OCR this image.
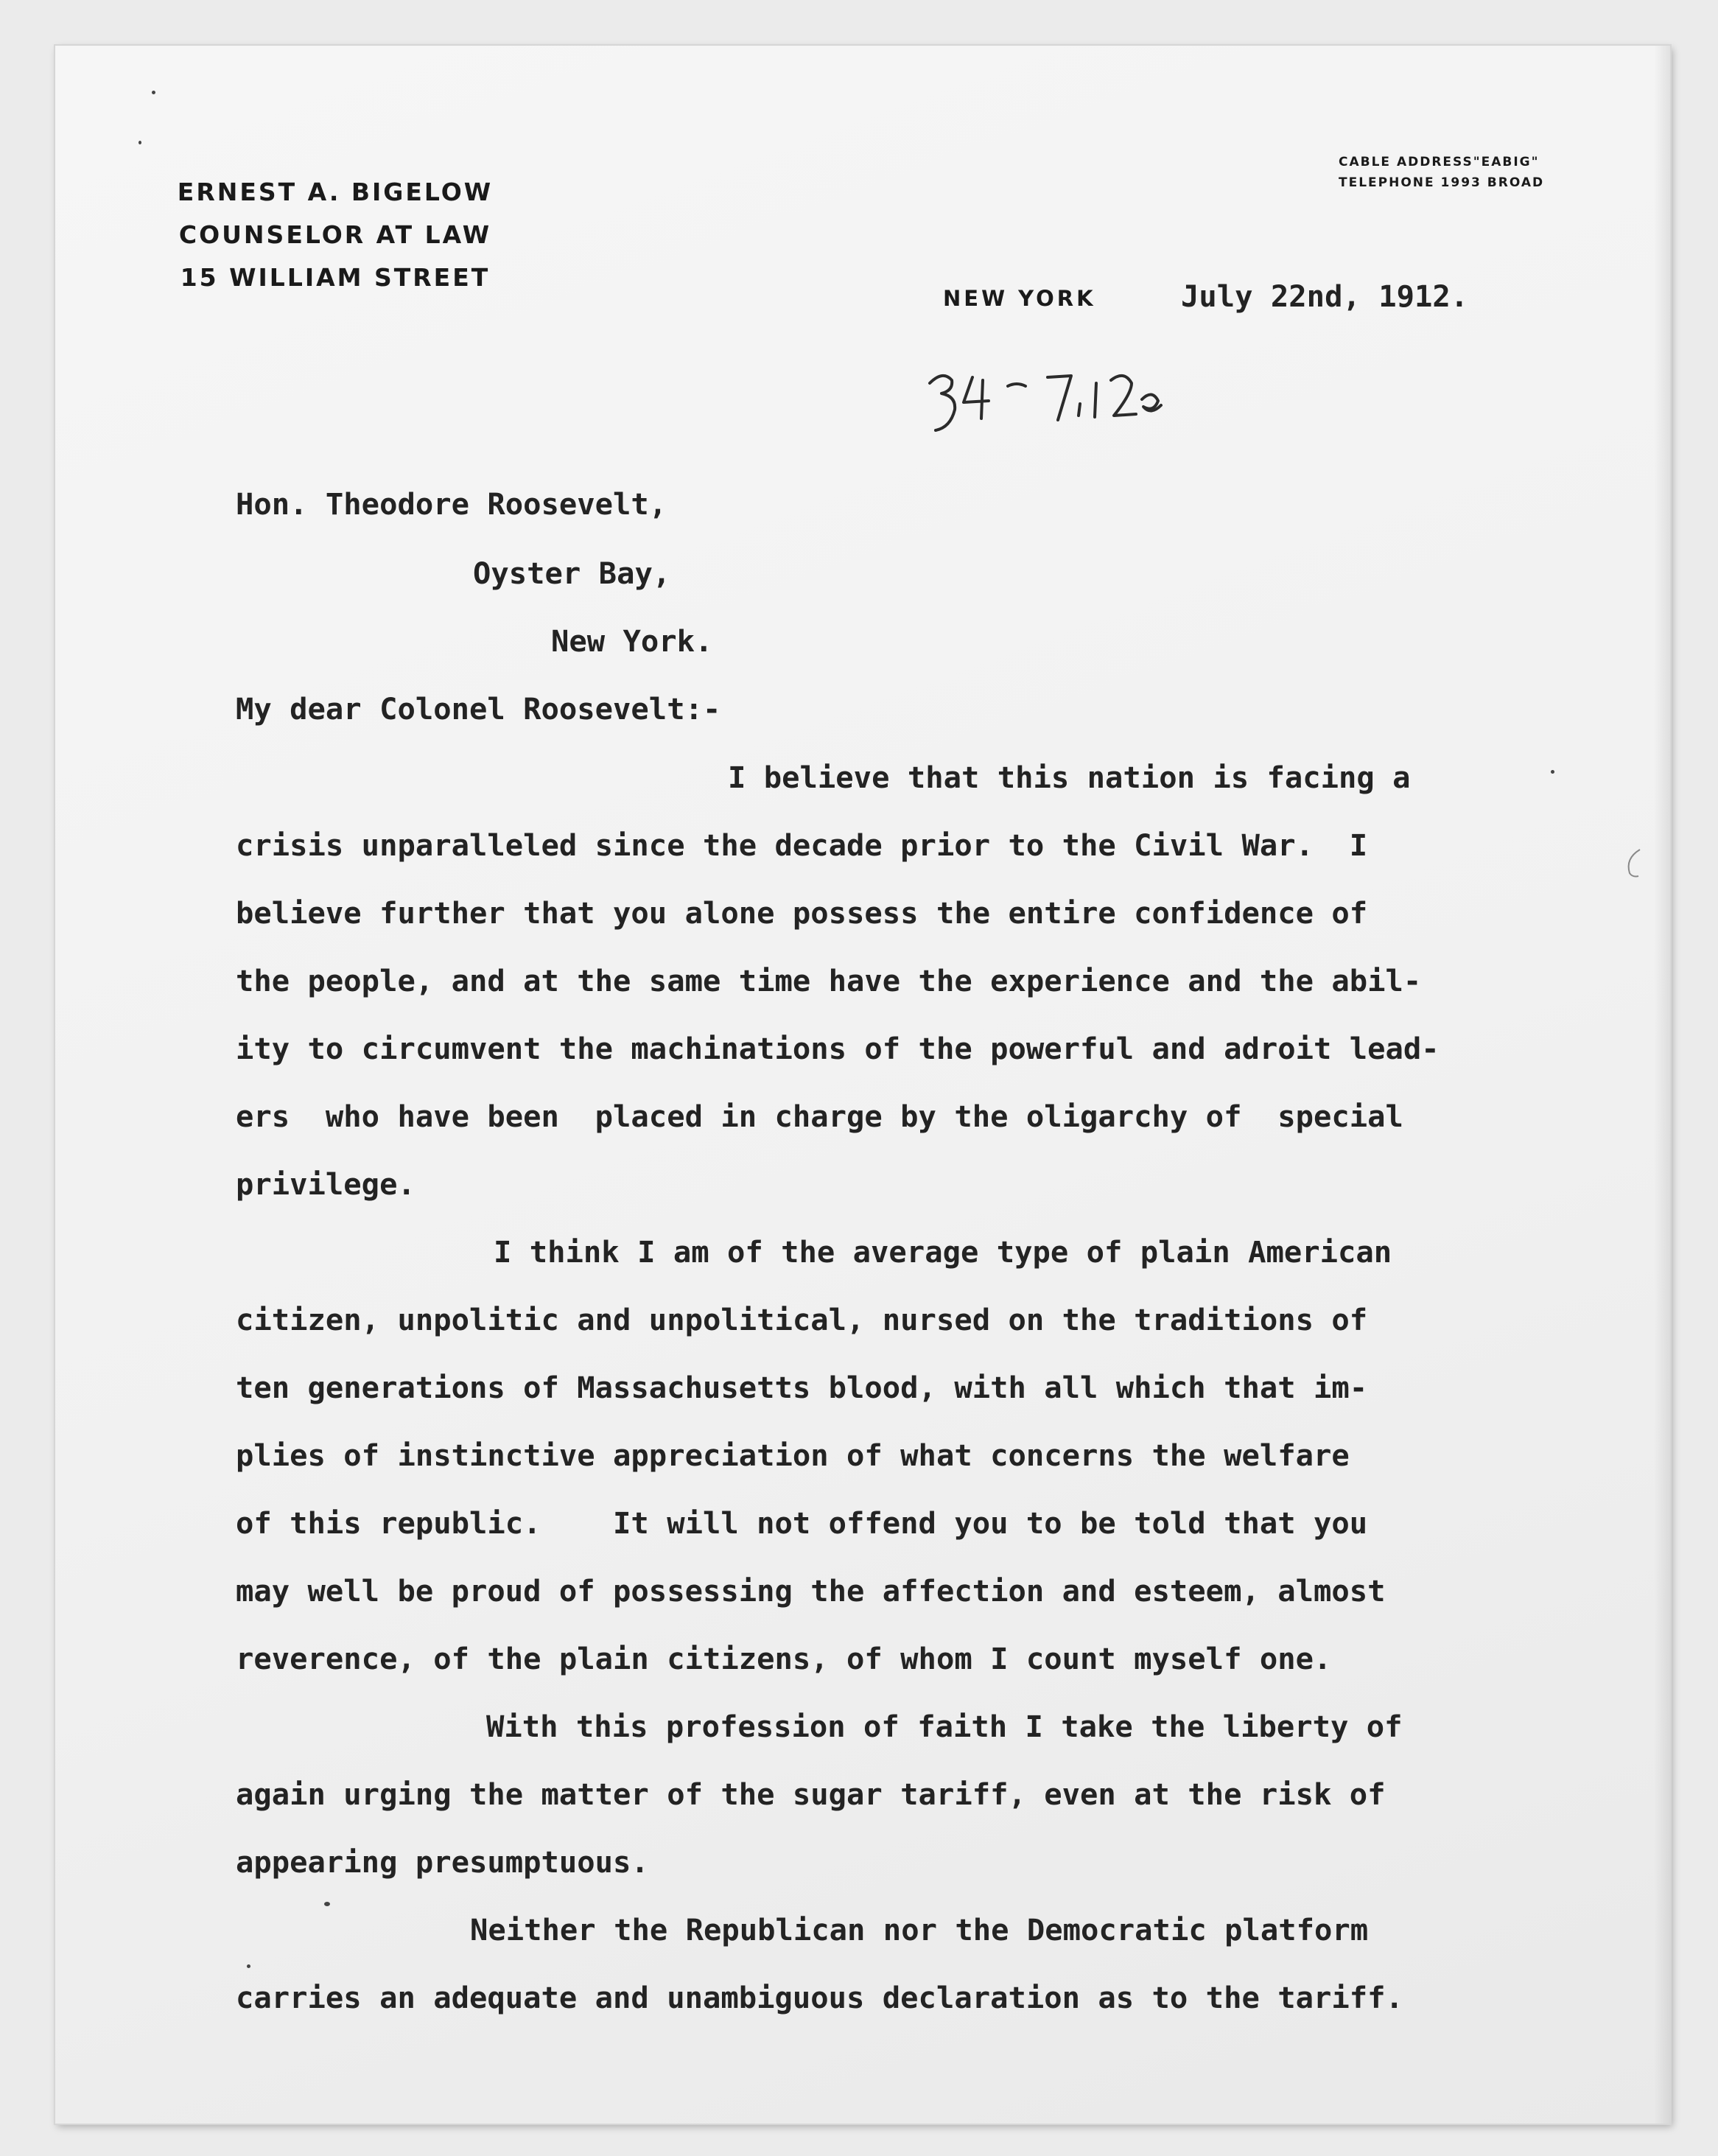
ERNEST A. BIGELOW
COUNSELOR AT LAW
15 WILLIAM STREET
CABLE ADDRESS"EABIG"
TELEPHONE 1993 BROAD
NEW YORK	July 22nd, 1912.
Hon. Theodore Roosevelt,
Oyster Bay,
New York.
My dear Colonel Roosevelt:-
I believe that this nation is facing a
crisis unparalleled since the decade prior to the Civil War.  I
believe further that you alone possess the entire confidence of
the people, and at the same time have the experience and the abil-
ity to circumvent the machinations of the powerful and adroit lead-
ers  who have been  placed in charge by the oligarchy of  special
privilege.
I think I am of the average type of plain American
citizen, unpolitic and unpolitical, nursed on the traditions of
ten generations of Massachusetts blood, with all which that im-
plies of instinctive appreciation of what concerns the welfare
of this republic.    It will not offend you to be told that you
may well be proud of possessing the affection and esteem, almost
reverence, of the plain citizens, of whom I count myself one.
With this profession of faith I take the liberty of
again urging the matter of the sugar tariff, even at the risk of
appearing presumptuous.
Neither the Republican nor the Democratic platform
carries an adequate and unambiguous declaration as to the tariff.
